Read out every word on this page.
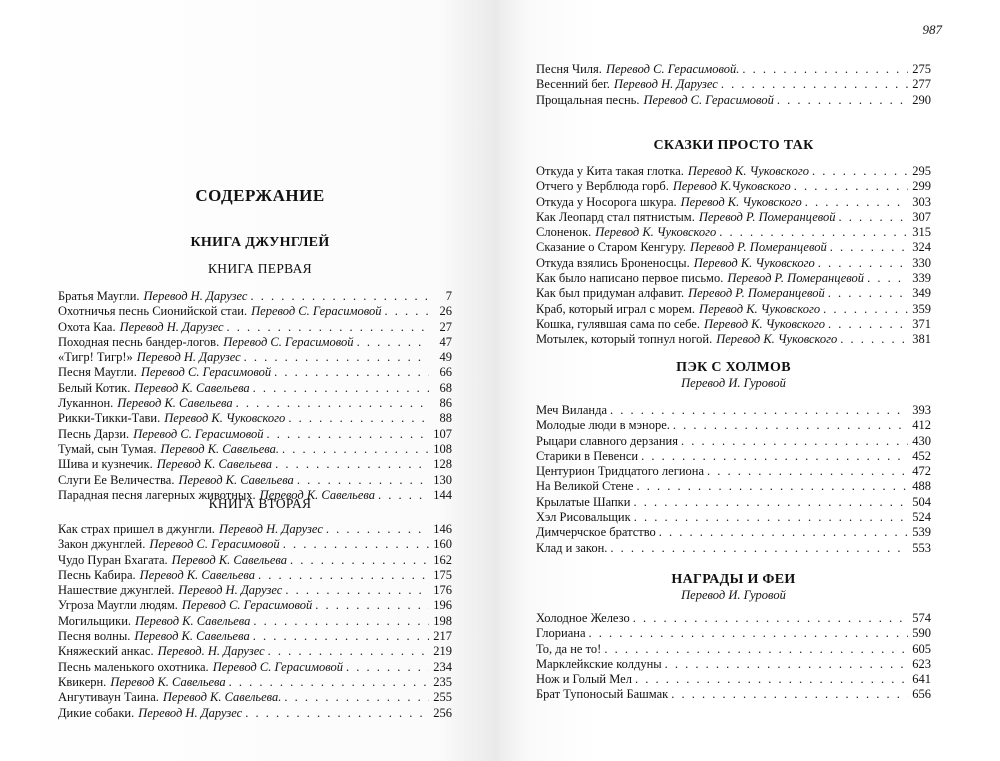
СОДЕРЖАНИЕ
КНИГА ДЖУНГЛЕЙ
КНИГА ПЕРВАЯ
Братья Маугли. Перевод Н. Дарузес . . .	7
Охотничья песнь Сионийской стаи. Перевод С. Герасимовой . . .	26
Охота Каа. Перевод Н. Дарузес . . .	27
Походная песнь бандер-логов. Перевод С. Герасимовой . . .	47
«Тигр! Тигр!» Перевод Н. Дарузес . . .	49
Песня Маугли. Перевод С. Герасимовой . . .	66
Белый Котик. Перевод К. Савельева . . .	68
Луканнон. Перевод К. Савельева . . .	86
Рикки-Тикки-Тави. Перевод К. Чуковского . . .	88
Песнь Дарзи. Перевод С. Герасимовой . . .	107
Тумай, сын Тумая. Перевод К. Савельева. . . .	108
Шива и кузнечик. Перевод К. Савельева . . .	128
Слуги Ее Величества. Перевод К. Савельева . . .	130
Парадная песня лагерных животных. Перевод К. Савельева . . .	144
КНИГА ВТОРАЯ
Как страх пришел в джунгли. Перевод Н. Дарузес . . .	146
Закон джунглей. Перевод С. Герасимовой . . .	160
Чудо Пуран Бхагата. Перевод К. Савельева . . .	162
Песнь Кабира. Перевод К. Савельева . . .	175
Нашествие джунглей. Перевод Н. Дарузес . . .	176
Угроза Маугли людям. Перевод С. Герасимовой . . .	196
Могильщики. Перевод К. Савельева . . .	198
Песня волны. Перевод К. Савельева . . .	217
Княжеский анкас. Перевод. Н. Дарузес . . .	219
Песнь маленького охотника. Перевод С. Герасимовой . . .	234
Квикерн. Перевод К. Савельева . . .	235
Ангутиваун Таина. Перевод К. Савельева. . . .	255
Дикие собаки. Перевод Н. Дарузес . . .	256
987
Песня Чиля. Перевод С. Герасимовой. . . .	275
Весенний бег. Перевод Н. Дарузес . . .	277
Прощальная песнь. Перевод С. Герасимовой . . .	290
СКАЗКИ ПРОСТО ТАК
Откуда у Кита такая глотка. Перевод К. Чуковского . . .	295
Отчего у Верблюда горб. Перевод К.Чуковского . . .	299
Откуда у Носорога шкура. Перевод К. Чуковского . . .	303
Как Леопард стал пятнистым. Перевод Р. Померанцевой . . .	307
Слоненок. Перевод К. Чуковского . . .	315
Сказание о Старом Кенгуру. Перевод Р. Померанцевой . . .	324
Откуда взялись Броненосцы. Перевод К. Чуковского . . .	330
Как было написано первое письмо. Перевод Р. Померанцевой . . .	339
Как был придуман алфавит. Перевод Р. Померанцевой . . .	349
Краб, который играл с морем. Перевод К. Чуковского . . .	359
Кошка, гулявшая сама по себе. Перевод К. Чуковского . . .	371
Мотылек, который топнул ногой. Перевод К. Чуковского . . .	381
ПЭК С ХОЛМОВ
Перевод И. Гуровой
Меч Виланда . . .	393
Молодые люди в мэноре. . . .	412
Рыцари славного дерзания . . .	430
Старики в Певенси . . .	452
Центурион Тридцатого легиона . . .	472
На Великой Стене . . .	488
Крылатые Шапки . . .	504
Хэл Рисовальщик . . .	524
Димчерчское братство . . .	539
Клад и закон. . . .	553
НАГРАДЫ И ФЕИ
Перевод И. Гуровой
Холодное Железо . . .	574
Глориана . . .	590
То, да не то! . . .	605
Марклейкские колдуны . . .	623
Нож и Голый Мел . . .	641
Брат Тупоносый Башмак . . .	656
